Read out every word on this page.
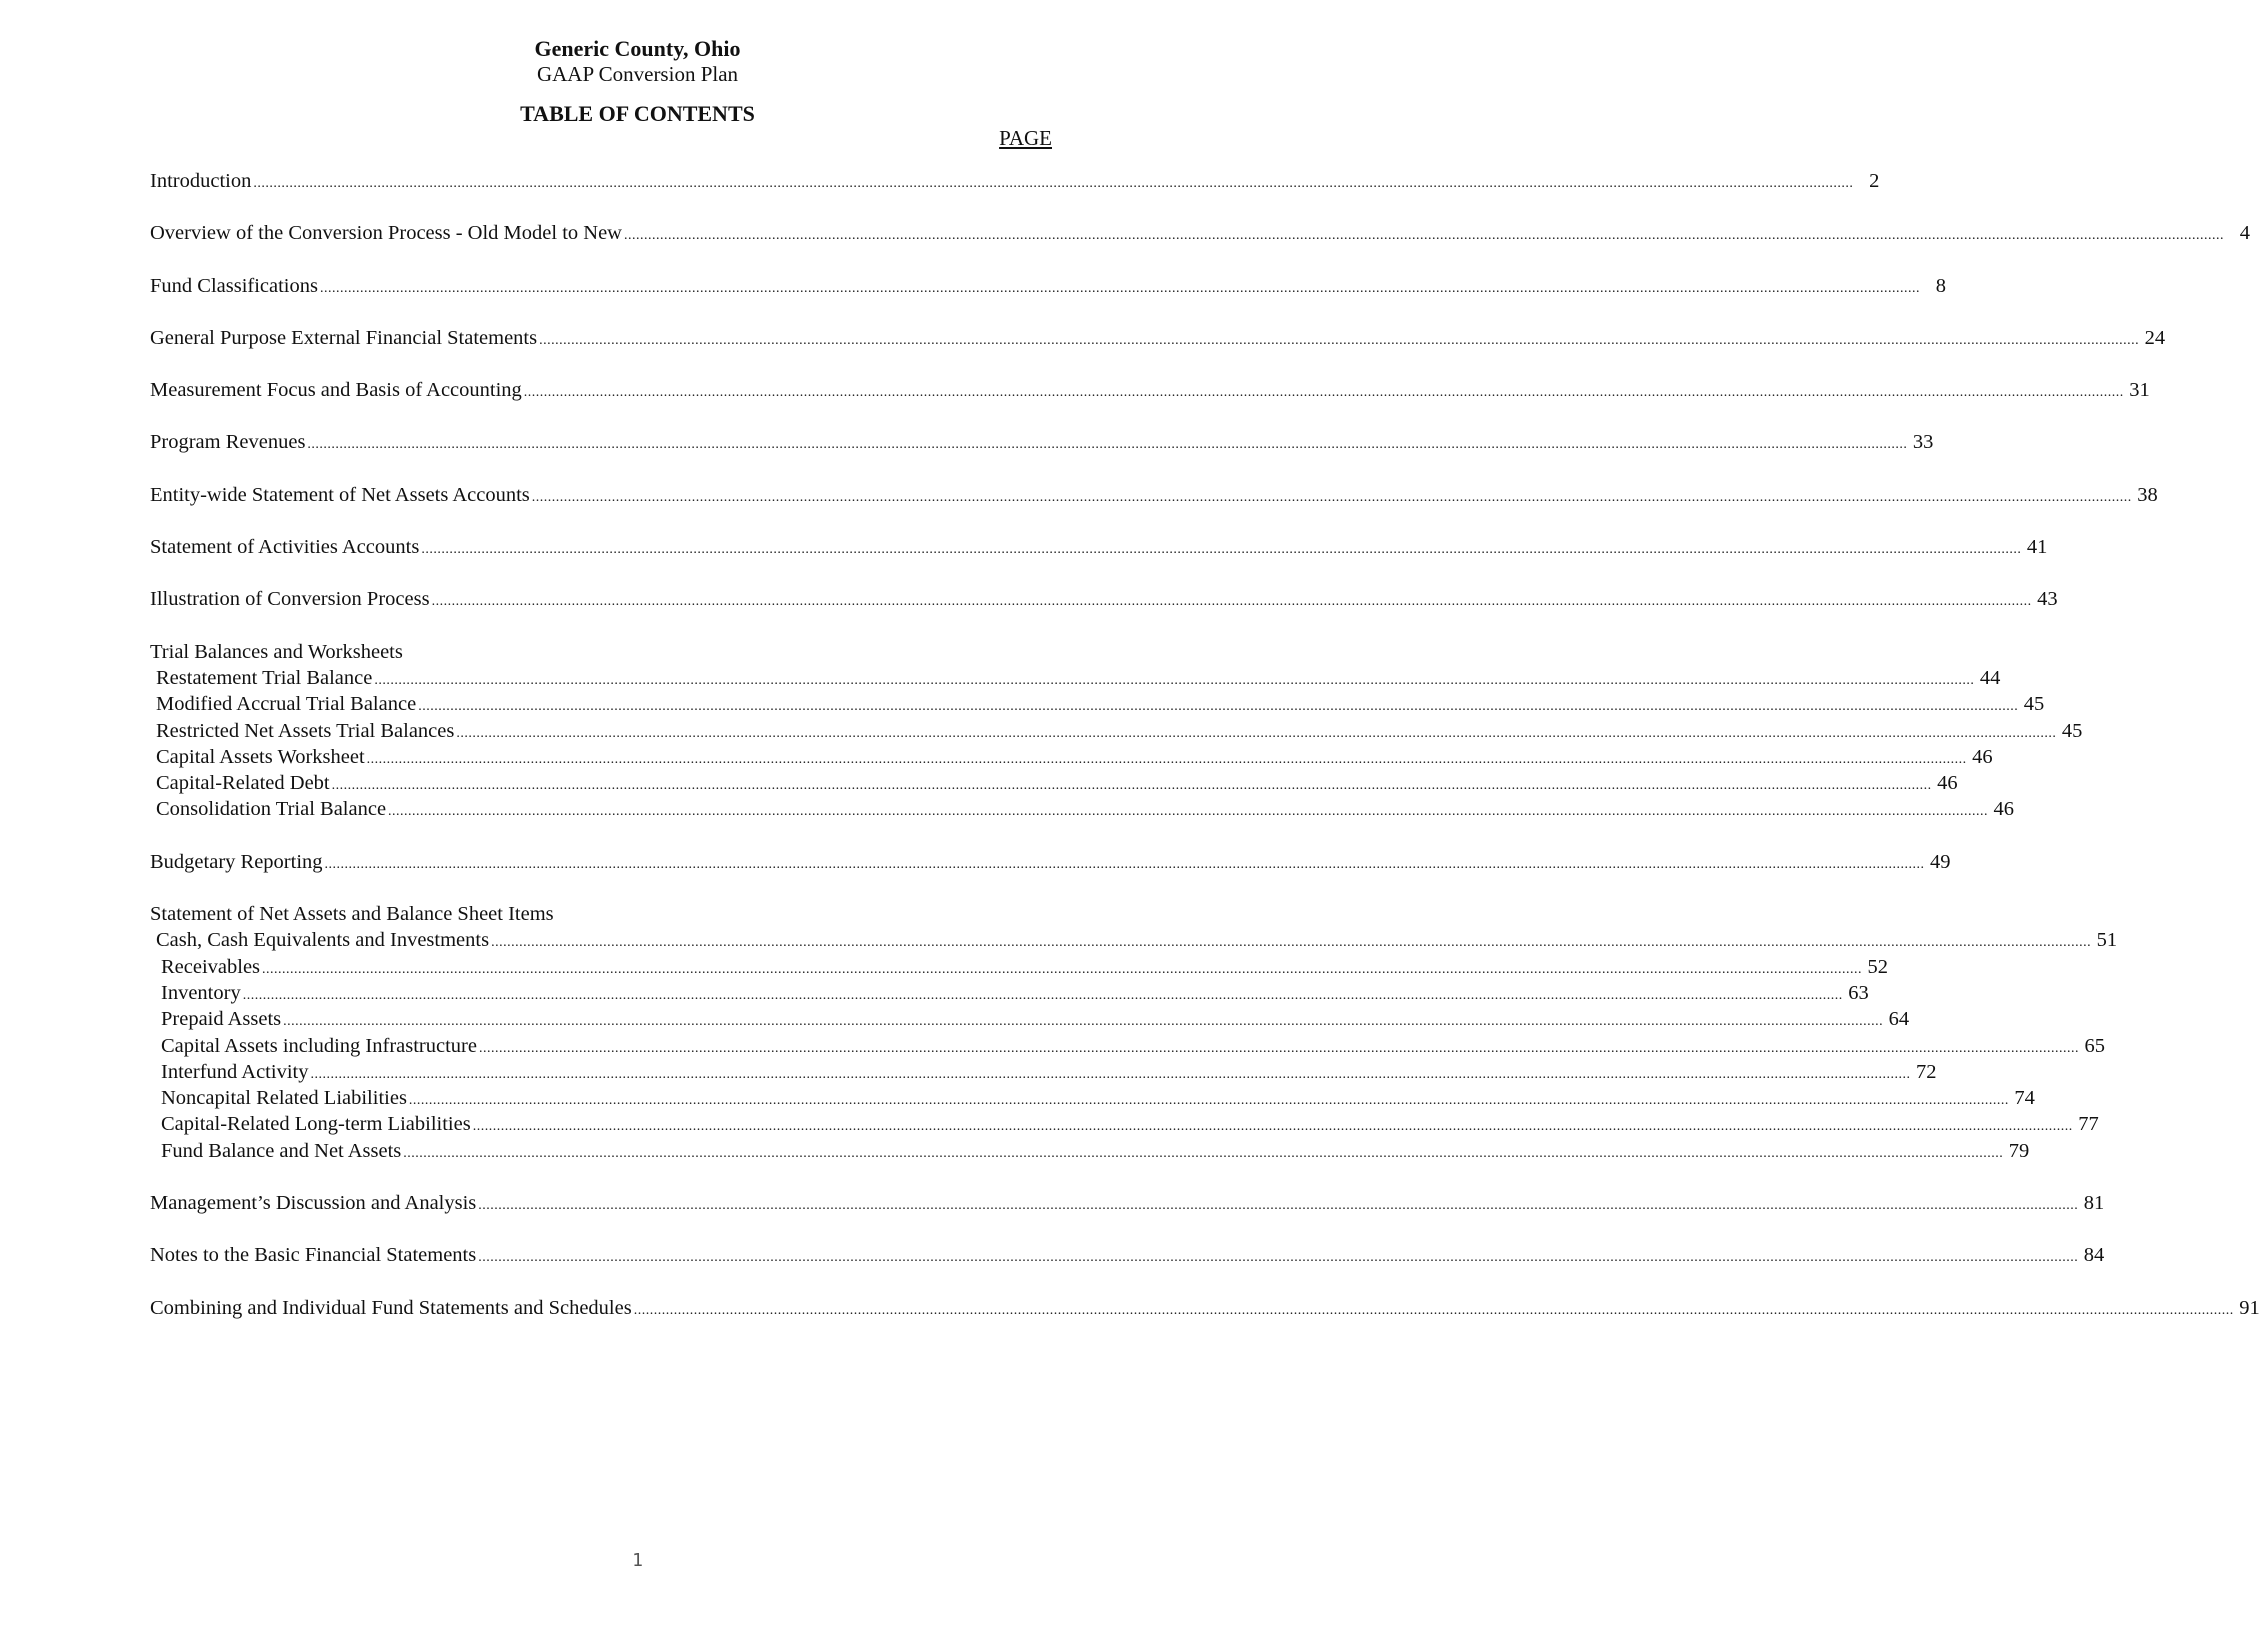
Generic County, Ohio
GAAP Conversion Plan
TABLE OF CONTENTS
PAGE
Introduction ................................................................................................................................................................................................................................................................................................................................................................................................................ 2
Overview of the Conversion Process - Old Model to New ................................................................................................................................................................................................................................................................................................................................................................................................................ 4
Fund Classifications ................................................................................................................................................................................................................................................................................................................................................................................................................ 8
General Purpose External Financial Statements ................................................................................................................................................................................................................................................................................................................................................................................................................ 24
Measurement Focus and Basis of Accounting ................................................................................................................................................................................................................................................................................................................................................................................................................ 31
Program Revenues ................................................................................................................................................................................................................................................................................................................................................................................................................ 33
Entity-wide Statement of Net Assets Accounts ................................................................................................................................................................................................................................................................................................................................................................................................................ 38
Statement of Activities Accounts ................................................................................................................................................................................................................................................................................................................................................................................................................ 41
Illustration of Conversion Process ................................................................................................................................................................................................................................................................................................................................................................................................................ 43
Trial Balances and Worksheets
Restatement Trial Balance ................................................................................................................................................................................................................................................................................................................................................................................................................ 44
Modified Accrual Trial Balance ................................................................................................................................................................................................................................................................................................................................................................................................................ 45
Restricted Net Assets Trial Balances ................................................................................................................................................................................................................................................................................................................................................................................................................ 45
Capital Assets Worksheet ................................................................................................................................................................................................................................................................................................................................................................................................................ 46
Capital-Related Debt ................................................................................................................................................................................................................................................................................................................................................................................................................ 46
Consolidation Trial Balance ................................................................................................................................................................................................................................................................................................................................................................................................................ 46
Budgetary Reporting ................................................................................................................................................................................................................................................................................................................................................................................................................ 49
Statement of Net Assets and Balance Sheet Items
Cash, Cash Equivalents and Investments ................................................................................................................................................................................................................................................................................................................................................................................................................ 51
Receivables ................................................................................................................................................................................................................................................................................................................................................................................................................ 52
Inventory ................................................................................................................................................................................................................................................................................................................................................................................................................ 63
Prepaid Assets ................................................................................................................................................................................................................................................................................................................................................................................................................ 64
Capital Assets including Infrastructure ................................................................................................................................................................................................................................................................................................................................................................................................................ 65
Interfund Activity ................................................................................................................................................................................................................................................................................................................................................................................................................ 72
Noncapital Related Liabilities ................................................................................................................................................................................................................................................................................................................................................................................................................ 74
Capital-Related Long-term Liabilities ................................................................................................................................................................................................................................................................................................................................................................................................................ 77
Fund Balance and Net Assets ................................................................................................................................................................................................................................................................................................................................................................................................................ 79
Management’s Discussion and Analysis ................................................................................................................................................................................................................................................................................................................................................................................................................ 81
Notes to the Basic Financial Statements ................................................................................................................................................................................................................................................................................................................................................................................................................ 84
Combining and Individual Fund Statements and Schedules ................................................................................................................................................................................................................................................................................................................................................................................................................ 91
1
